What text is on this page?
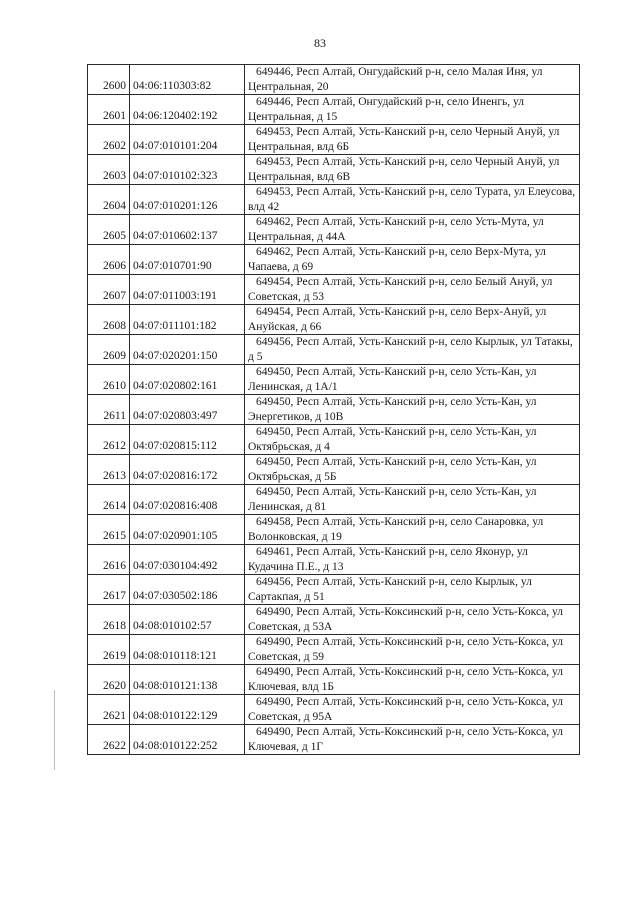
83
2600	04:06:110303:82	649446, Респ Алтай, Онгудайский р-н, село Малая Иня, ул Центральная, 20
2601	04:06:120402:192	649446, Респ Алтай, Онгудайский р-н, село Иненгь, ул Центральная, д 15
2602	04:07:010101:204	649453, Респ Алтай, Усть-Канский р-н, село Черный Ануй, ул Центральная, влд 6Б
2603	04:07:010102:323	649453, Респ Алтай, Усть-Канский р-н, село Черный Ануй, ул Центральная, влд 6В
2604	04:07:010201:126	649453, Респ Алтай, Усть-Канский р-н, село Турата, ул Елеусова, влд 42
2605	04:07:010602:137	649462, Респ Алтай, Усть-Канский р-н, село Усть-Мута, ул Центральная, д 44А
2606	04:07:010701:90	649462, Респ Алтай, Усть-Канский р-н, село Верх-Мута, ул Чапаева, д 69
2607	04:07:011003:191	649454, Респ Алтай, Усть-Канский р-н, село Белый Ануй, ул Советская, д 53
2608	04:07:011101:182	649454, Респ Алтай, Усть-Канский р-н, село Верх-Ануй, ул Ануйская, д 66
2609	04:07:020201:150	649456, Респ Алтай, Усть-Канский р-н, село Кырлык, ул Татакы, д 5
2610	04:07:020802:161	649450, Респ Алтай, Усть-Канский р-н, село Усть-Кан, ул Ленинская, д 1А/1
2611	04:07:020803:497	649450, Респ Алтай, Усть-Канский р-н, село Усть-Кан, ул Энергетиков, д 10В
2612	04:07:020815:112	649450, Респ Алтай, Усть-Канский р-н, село Усть-Кан, ул Октябрьская, д 4
2613	04:07:020816:172	649450, Респ Алтай, Усть-Канский р-н, село Усть-Кан, ул Октябрьская, д 5Б
2614	04:07:020816:408	649450, Респ Алтай, Усть-Канский р-н, село Усть-Кан, ул Ленинская, д 81
2615	04:07:020901:105	649458, Респ Алтай, Усть-Канский р-н, село Санаровка, ул Волонковская, д 19
2616	04:07:030104:492	649461, Респ Алтай, Усть-Канский р-н, село Яконур, ул Кудачина П.Е., д 13
2617	04:07:030502:186	649456, Респ Алтай, Усть-Канский р-н, село Кырлык, ул Сартакпая, д 51
2618	04:08:010102:57	649490, Респ Алтай, Усть-Коксинский р-н, село Усть-Кокса, ул Советская, д 53А
2619	04:08:010118:121	649490, Респ Алтай, Усть-Коксинский р-н, село Усть-Кокса, ул Советская, д 59
2620	04:08:010121:138	649490, Респ Алтай, Усть-Коксинский р-н, село Усть-Кокса, ул Ключевая, влд 1Б
2621	04:08:010122:129	649490, Респ Алтай, Усть-Коксинский р-н, село Усть-Кокса, ул Советская, д 95А
2622	04:08:010122:252	649490, Респ Алтай, Усть-Коксинский р-н, село Усть-Кокса, ул Ключевая, д 1Г
